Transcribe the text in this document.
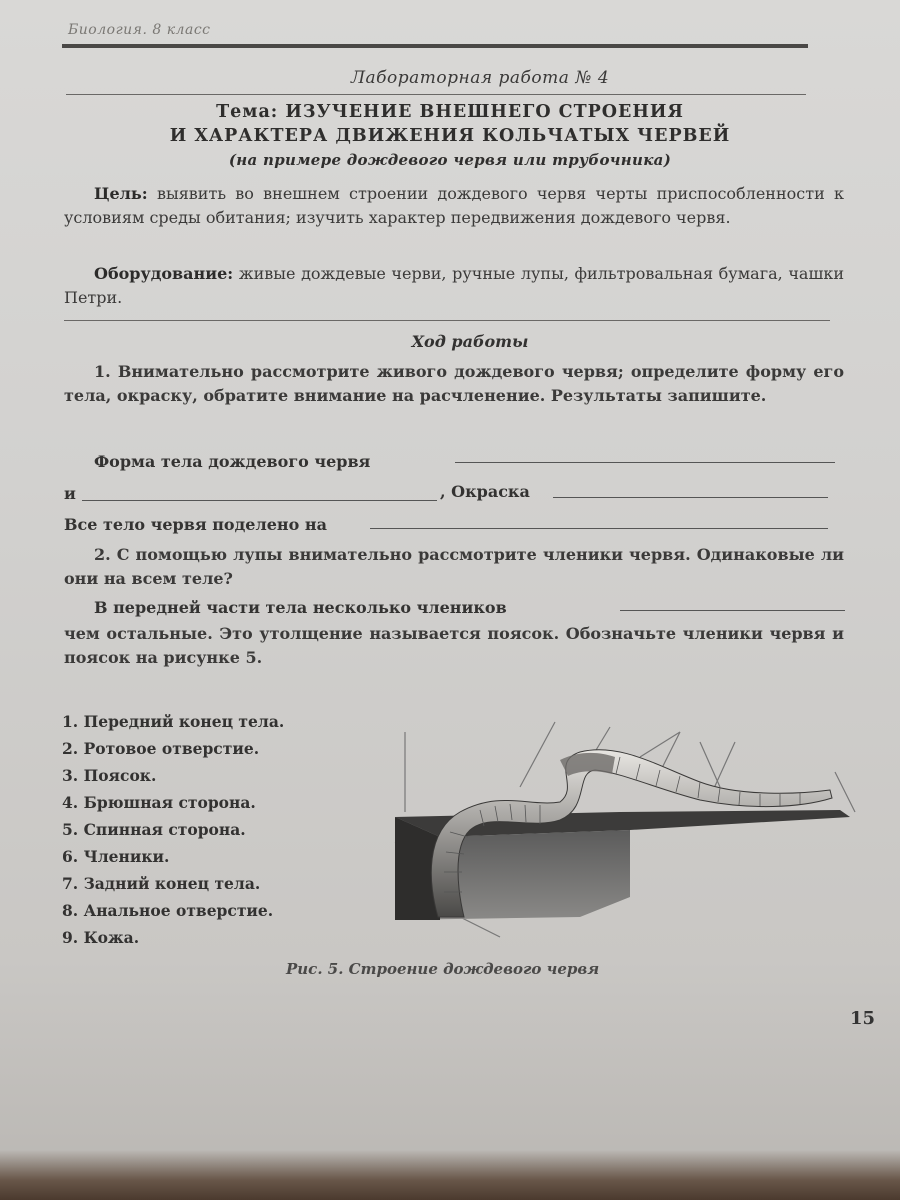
Биология. 8 класс
Лабораторная работа № 4
Тема: ИЗУЧЕНИЕ ВНЕШНЕГО СТРОЕНИЯ
И ХАРАКТЕРА ДВИЖЕНИЯ КОЛЬЧАТЫХ ЧЕРВЕЙ
(на примере дождевого червя или трубочника)
Цель: выявить во внешнем строении дождевого червя черты приспособленности к условиям среды обитания; изучить характер передвижения дождевого червя.
Оборудование: живые дождевые черви, ручные лупы, фильтровальная бумага, чашки Петри.
Ход работы
1. Внимательно рассмотрите живого дождевого червя; определите форму его тела, окраску, обратите внимание на расчленение. Результаты запишите.
Форма тела дождевого червя
и	, Окраска
Все тело червя поделено на
2. С помощью лупы внимательно рассмотрите членики червя. Одинаковые ли они на всем теле?
В передней части тела несколько члеников
чем остальные. Это утолщение называется поясок. Обозначьте членики червя и поясок на рисунке 5.
1. Передний конец тела.
2. Ротовое отверстие.
3. Поясок.
4. Брюшная сторона.
5. Спинная сторона.
6. Членики.
7. Задний конец тела.
8. Анальное отверстие.
9. Кожа.
Рис. 5. Строение дождевого червя
15
